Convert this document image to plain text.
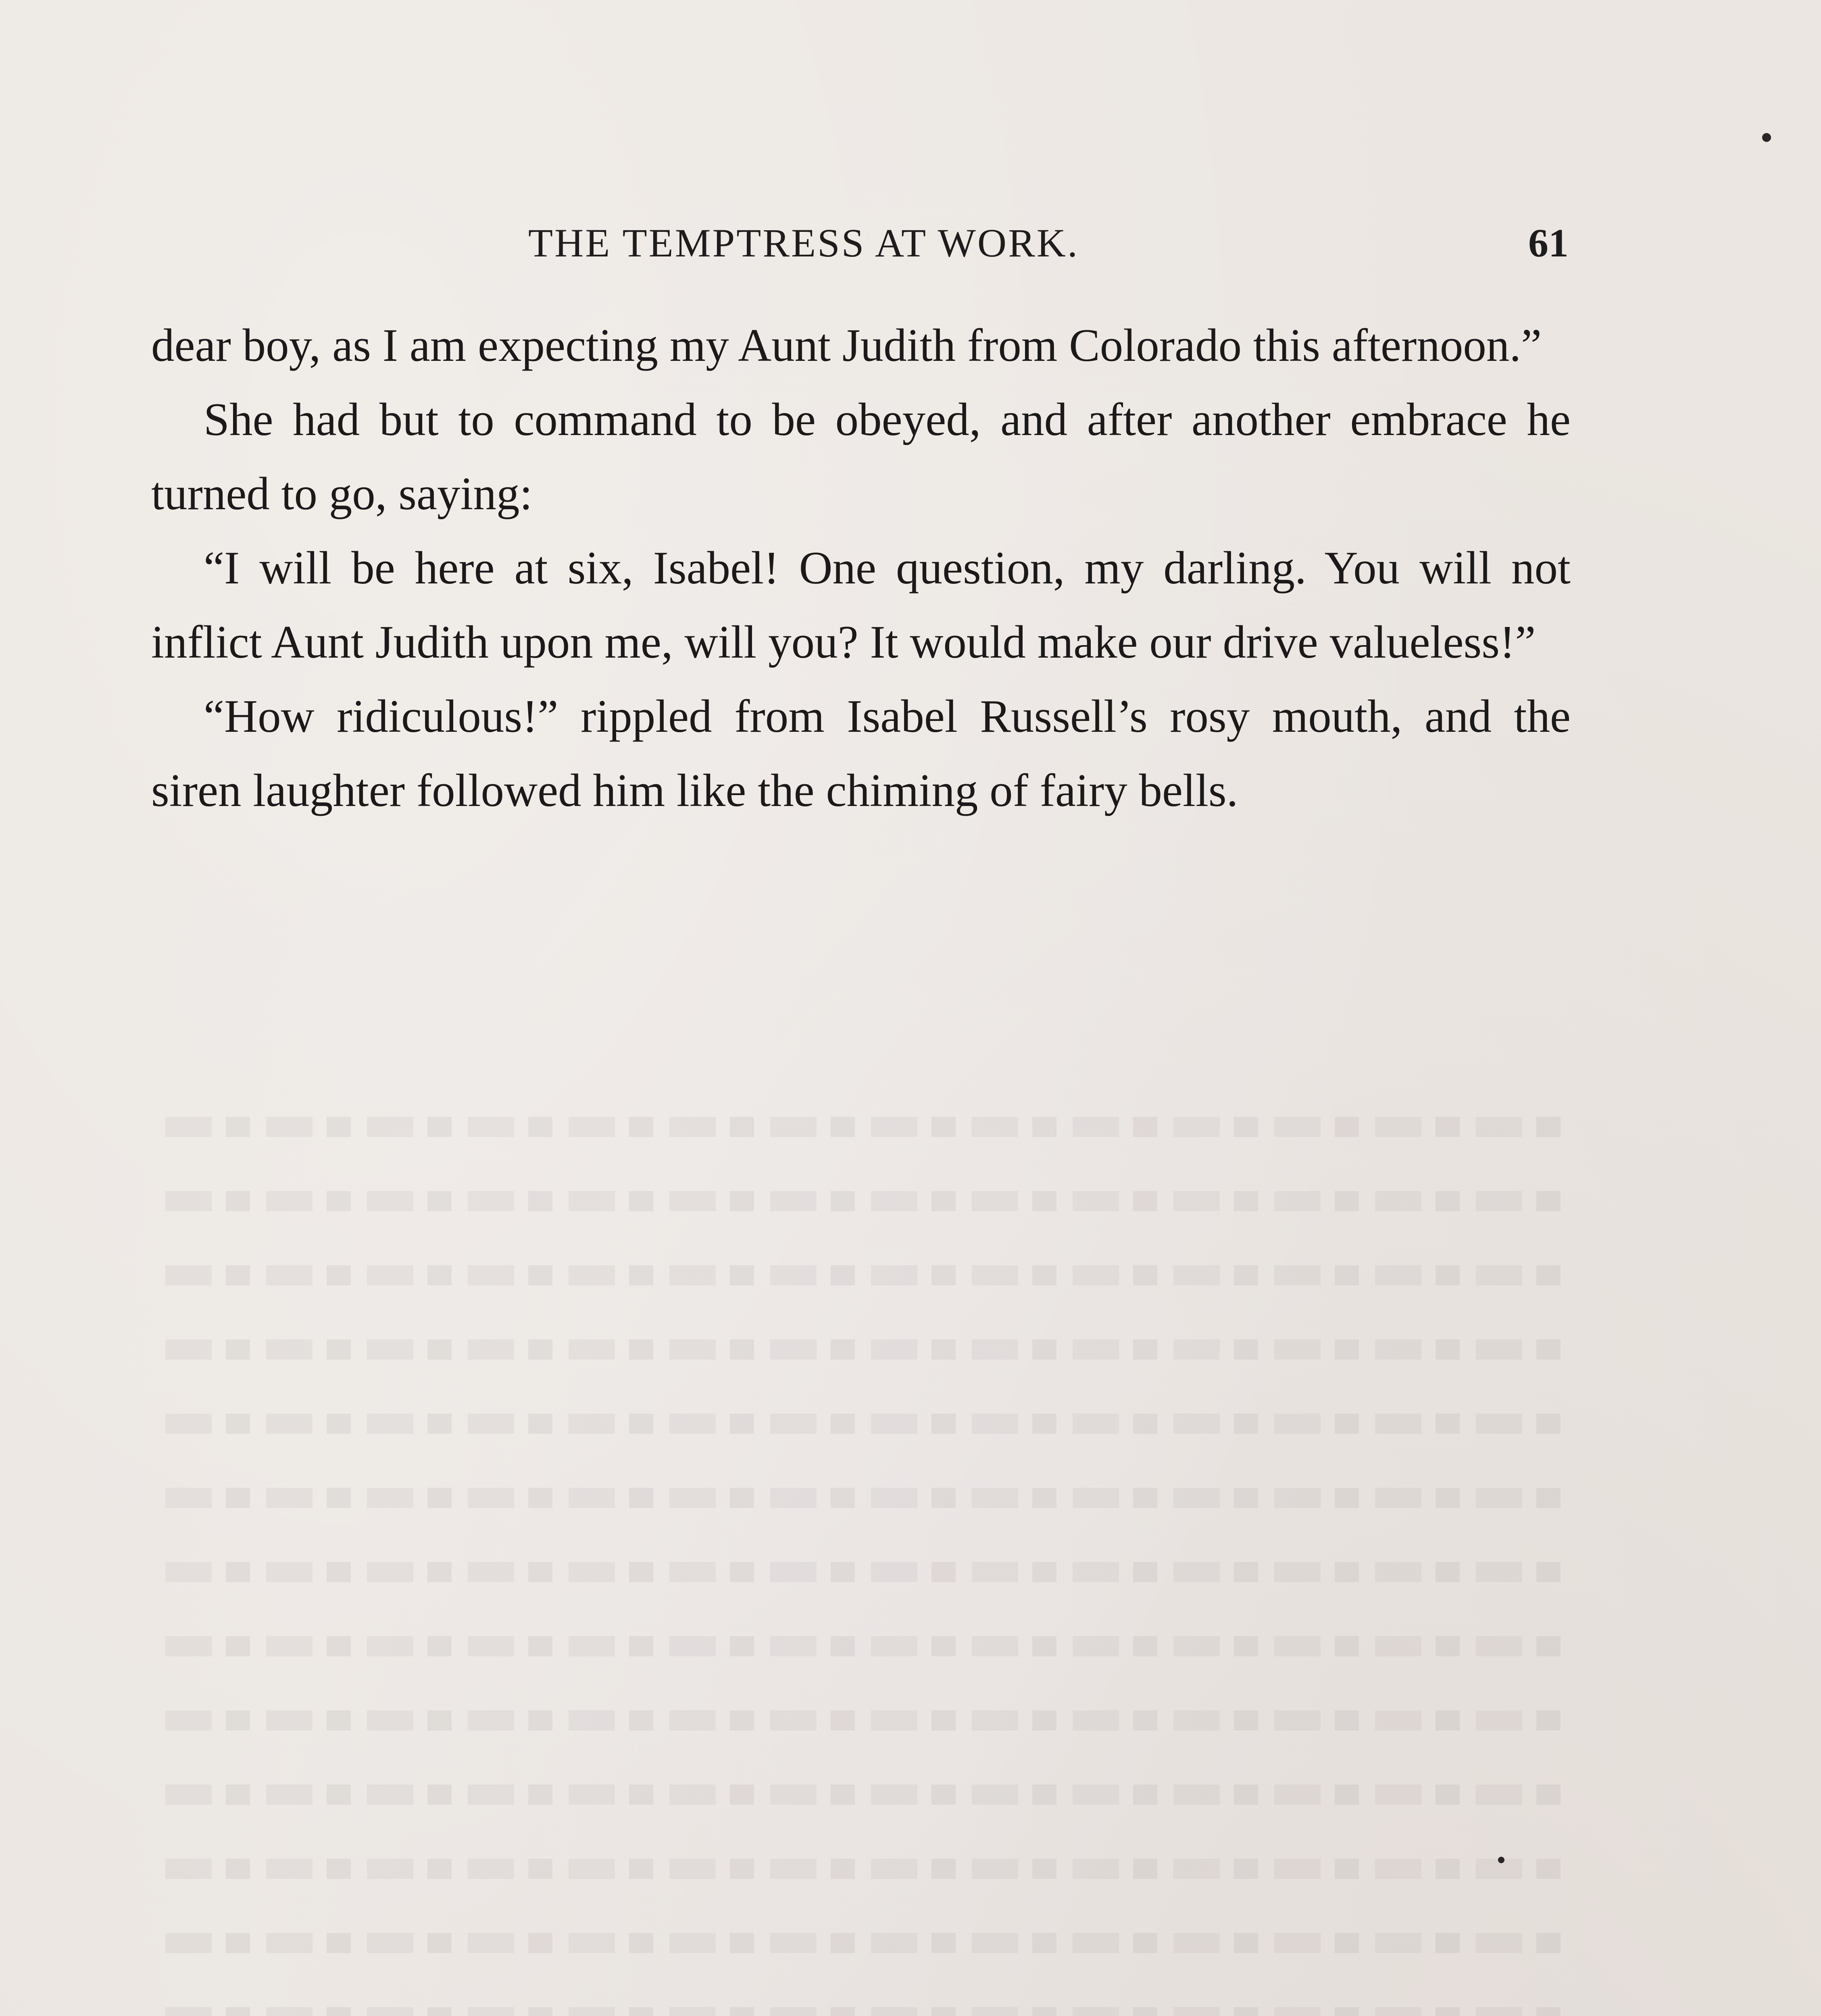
THE TEMPTRESS AT WORK.	61

dear boy, as I am expecting my Aunt Judith from Colorado this afternoon.”

She had but to command to be obeyed, and after another embrace he turned to go, saying:

“I will be here at six, Isabel! One question, my darling. You will not inflict Aunt Judith upon me, will you? It would make our drive valueless!”

“How ridiculous!” rippled from Isabel Russell’s rosy mouth, and the siren laughter followed him like the chiming of fairy bells.
